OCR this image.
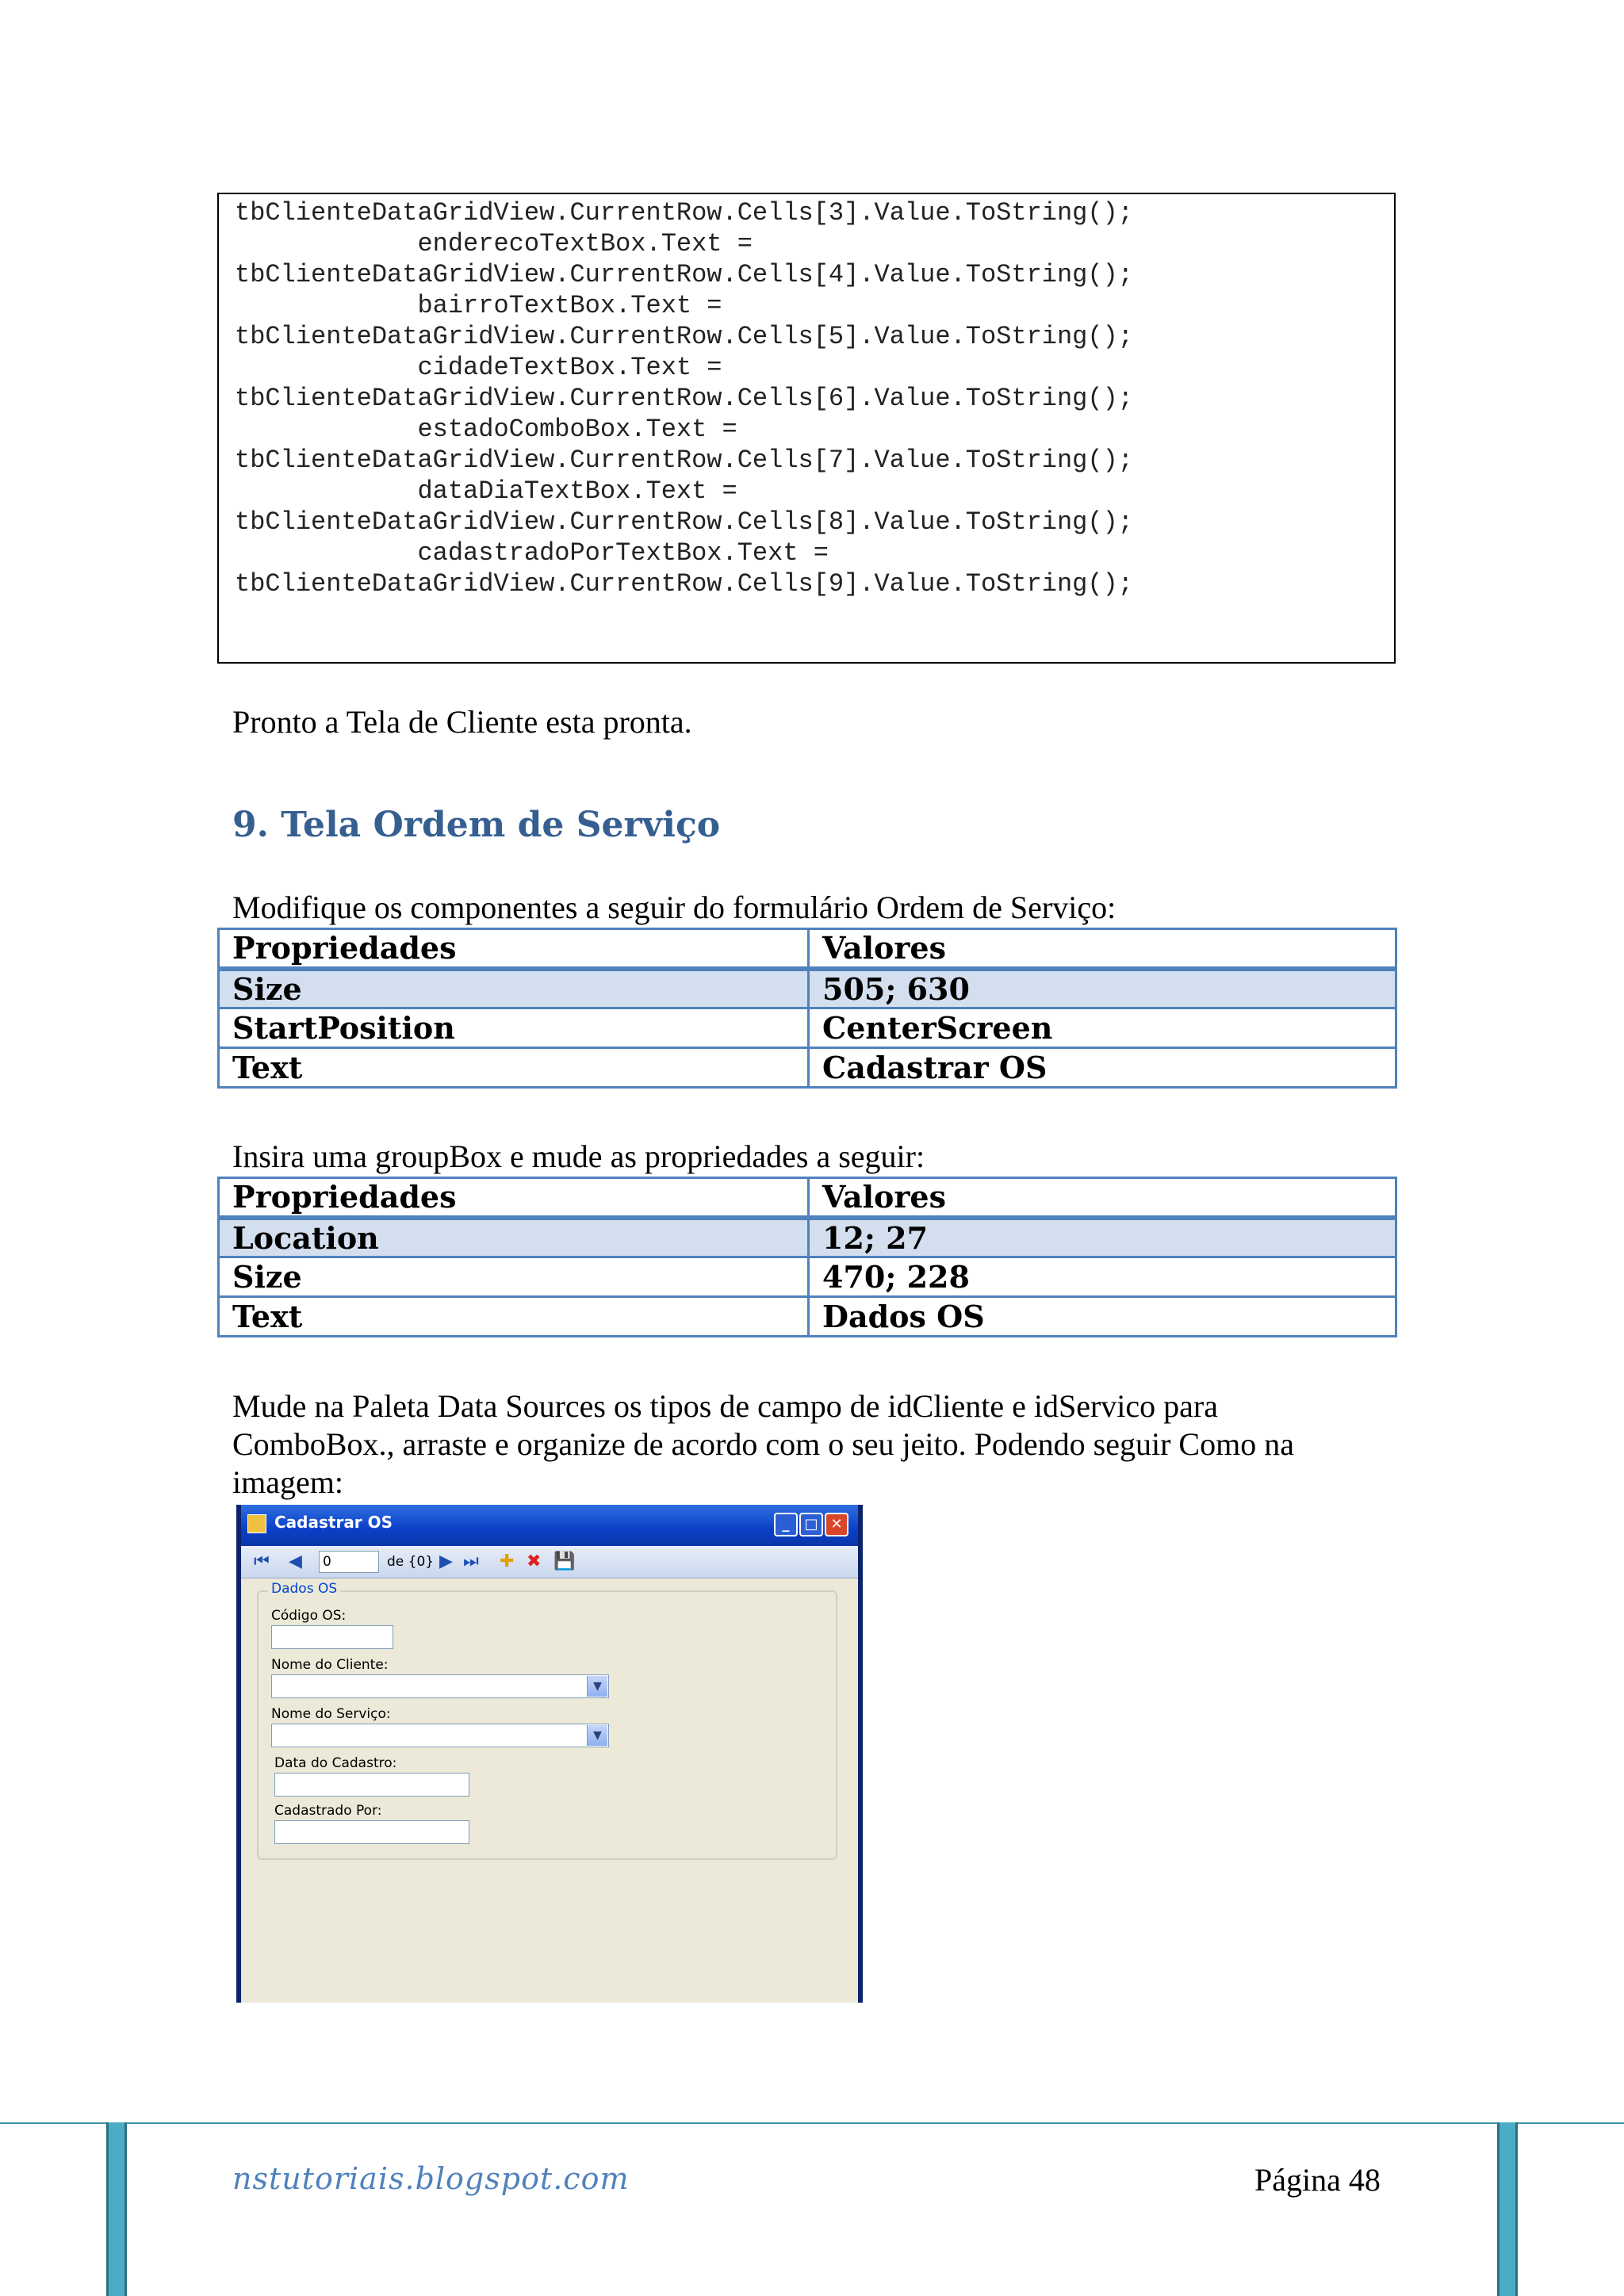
tbClienteDataGridView.CurrentRow.Cells[3].Value.ToString();
enderecoTextBox.Text =
tbClienteDataGridView.CurrentRow.Cells[4].Value.ToString();
bairroTextBox.Text =
tbClienteDataGridView.CurrentRow.Cells[5].Value.ToString();
cidadeTextBox.Text =
tbClienteDataGridView.CurrentRow.Cells[6].Value.ToString();
estadoComboBox.Text =
tbClienteDataGridView.CurrentRow.Cells[7].Value.ToString();
dataDiaTextBox.Text =
tbClienteDataGridView.CurrentRow.Cells[8].Value.ToString();
cadastradoPorTextBox.Text =
tbClienteDataGridView.CurrentRow.Cells[9].Value.ToString();
Pronto a Tela de Cliente esta pronta.
9. Tela Ordem de Serviço
Modifique os componentes a seguir do formulário Ordem de Serviço:
Propriedades	Valores
Size	505; 630
StartPosition	CenterScreen
Text	Cadastrar OS
Insira uma groupBox e mude as propriedades a seguir:
Propriedades	Valores
Location	12; 27
Size	470; 228
Text	Dados OS
Mude na Paleta Data Sources os tipos de campo de idCliente e idServico para
ComboBox., arraste e organize de acordo com o seu jeito. Podendo seguir Como na
imagem:
Cadastrar OS	_	□ ✕
⏮ ◀ 0	de {0} ▶ ⏭ ✚ ✖ 💾
Dados OS
Código OS:
Nome do Cliente:
▼
Nome do Serviço:
▼
Data do Cadastro:
Cadastrado Por:
nstutoriais.blogspot.com	Página 48
